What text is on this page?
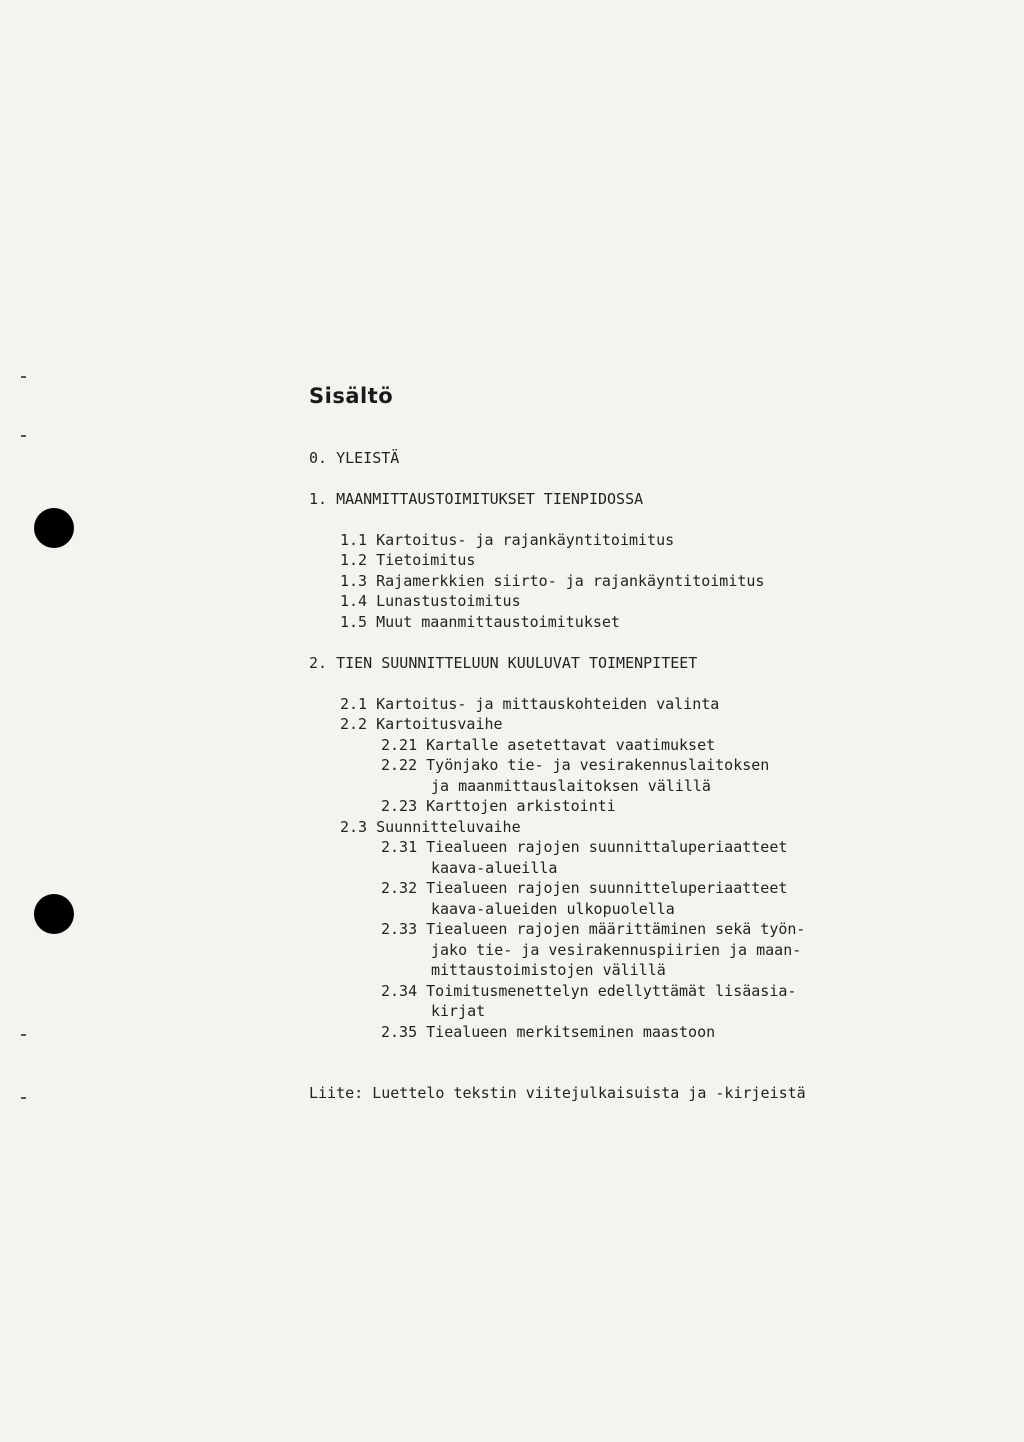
Sisältö

0. YLEISTÄ

1. MAANMITTAUSTOIMITUKSET TIENPIDOSSA

1.1 Kartoitus- ja rajankäyntitoimitus

1.2 Tietoimitus

1.3 Rajamerkkien siirto- ja rajankäyntitoimitus

1.4 Lunastustoimitus

1.5 Muut maanmittaustoimitukset

2. TIEN SUUNNITTELUUN KUULUVAT TOIMENPITEET

2.1 Kartoitus- ja mittauskohteiden valinta

2.2 Kartoitusvaihe

2.21 Kartalle asetettavat vaatimukset

2.22 Työnjako tie- ja vesirakennuslaitoksen

ja maanmittauslaitoksen välillä

2.23 Karttojen arkistointi

2.3 Suunnitteluvaihe

2.31 Tiealueen rajojen suunnittaluperiaatteet

kaava-alueilla

2.32 Tiealueen rajojen suunnitteluperiaatteet

kaava-alueiden ulkopuolella

2.33 Tiealueen rajojen määrittäminen sekä työn-

jako tie- ja vesirakennuspiirien ja maan-

mittaustoimistojen välillä

2.34 Toimitusmenettelyn edellyttämät lisäasia-

kirjat

2.35 Tiealueen merkitseminen maastoon

Liite: Luettelo tekstin viitejulkaisuista ja -kirjeistä
